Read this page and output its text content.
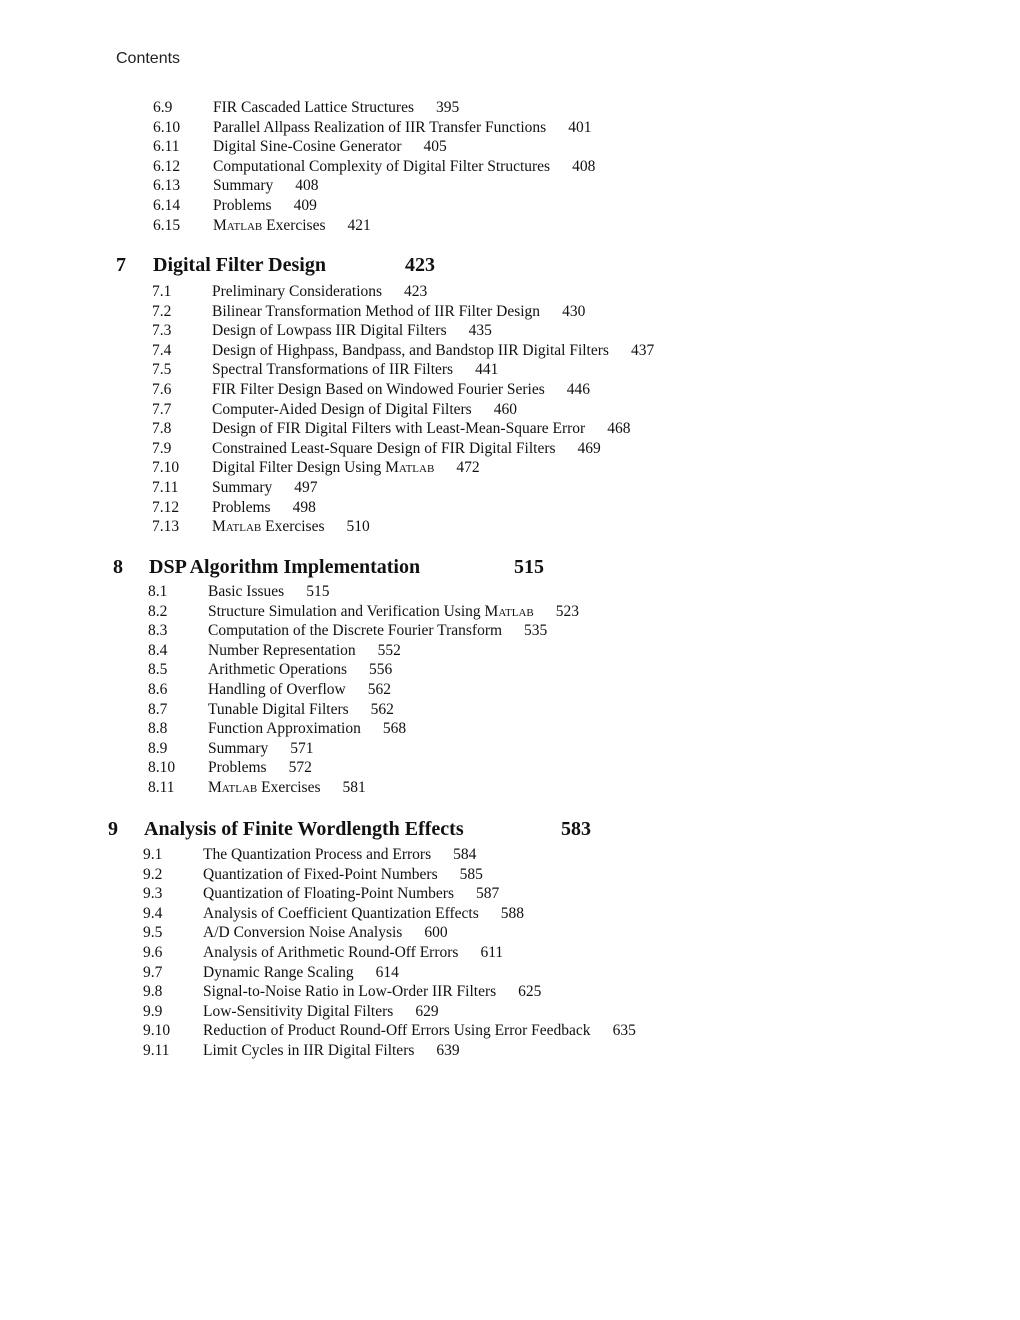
Contents
6.9	FIR Cascaded Lattice Structures 395
6.10 Parallel Allpass Realization of IIR Transfer Functions 401
6.11 Digital Sine-Cosine Generator 405
6.12 Computational Complexity of Digital Filter Structures 408
6.13 Summary 408
6.14 Problems 409
6.15 Matlab Exercises 421
7 Digital Filter Design	423
7.1	Preliminary Considerations 423
7.2	Bilinear Transformation Method of IIR Filter Design 430
7.3	Design of Lowpass IIR Digital Filters 435
7.4	Design of Highpass, Bandpass, and Bandstop IIR Digital Filters 437
7.5	Spectral Transformations of IIR Filters 441
7.6	FIR Filter Design Based on Windowed Fourier Series 446
7.7	Computer-Aided Design of Digital Filters 460
7.8	Design of FIR Digital Filters with Least-Mean-Square Error 468
7.9	Constrained Least-Square Design of FIR Digital Filters 469
7.10 Digital Filter Design Using Matlab 472
7.11 Summary 497
7.12 Problems 498
7.13 Matlab Exercises 510
8 DSP Algorithm Implementation	515
8.1	Basic Issues 515
8.2	Structure Simulation and Verification Using Matlab 523
8.3	Computation of the Discrete Fourier Transform 535
8.4	Number Representation 552
8.5	Arithmetic Operations 556
8.6	Handling of Overflow 562
8.7	Tunable Digital Filters 562
8.8	Function Approximation 568
8.9	Summary 571
8.10 Problems 572
8.11 Matlab Exercises 581
9 Analysis of Finite Wordlength Effects	583
9.1	The Quantization Process and Errors 584
9.2	Quantization of Fixed-Point Numbers 585
9.3	Quantization of Floating-Point Numbers 587
9.4	Analysis of Coefficient Quantization Effects 588
9.5	A/D Conversion Noise Analysis 600
9.6	Analysis of Arithmetic Round-Off Errors 611
9.7	Dynamic Range Scaling 614
9.8	Signal-to-Noise Ratio in Low-Order IIR Filters 625
9.9	Low-Sensitivity Digital Filters 629
9.10 Reduction of Product Round-Off Errors Using Error Feedback 635
9.11 Limit Cycles in IIR Digital Filters 639
